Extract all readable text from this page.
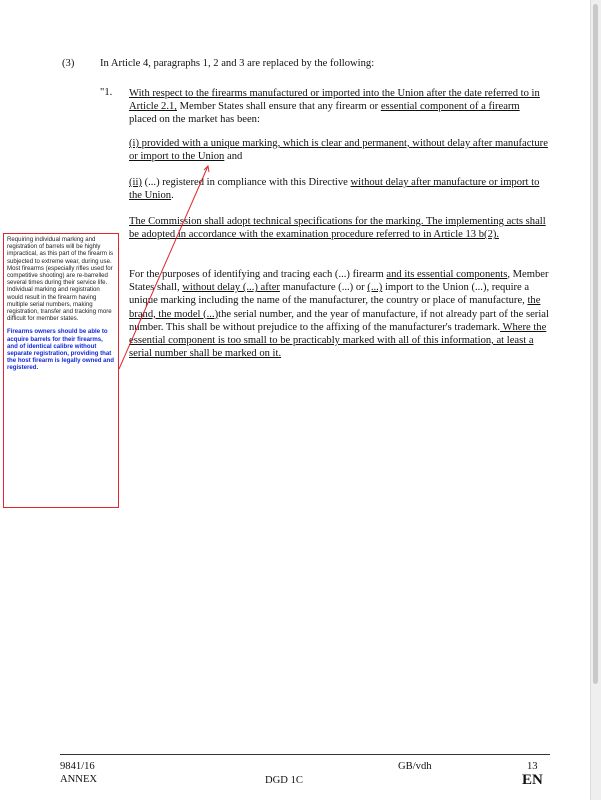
(3) In Article 4, paragraphs 1, 2 and 3 are replaced by the following:
"1. With respect to the firearms manufactured or imported into the Union after the date referred to in Article 2.1, Member States shall ensure that any firearm or essential component of a firearm placed on the market has been:
(i) provided with a unique marking, which is clear and permanent, without delay after manufacture or import to the Union and
(ii) (...) registered in compliance with this Directive without delay after manufacture or import to the Union.
The Commission shall adopt technical specifications for the marking. The implementing acts shall be adopted in accordance with the examination procedure referred to in Article 13 b(2).
For the purposes of identifying and tracing each (...) firearm and its essential components, Member States shall, without delay (...) after manufacture (...) or (...) import to the Union (...), require a unique marking including the name of the manufacturer, the country or place of manufacture, the brand, the model (...)the serial number, and the year of manufacture, if not already part of the serial number. This shall be without prejudice to the affixing of the manufacturer's trademark. Where the essential component is too small to be practicably marked with all of this information, at least a serial number shall be marked on it.

Requiring individual marking and registration of barrels will be highly impractical, as this part of the firearm is subjected to extreme wear, during use. Most firearms (especially rifles used for competitive shooting) are re-barrelled several times during their service life. Individual marking and registration would result in the firearm having multiple serial numbers, making registration, transfer and tracking more difficult for member states.

Firearms owners should be able to acquire barrels for their firearms, and of identical calibre without separate registration, providing that the host firearm is legally owned and registered.

9841/16
ANNEX
GB/vdh
DGD 1C
13
EN
